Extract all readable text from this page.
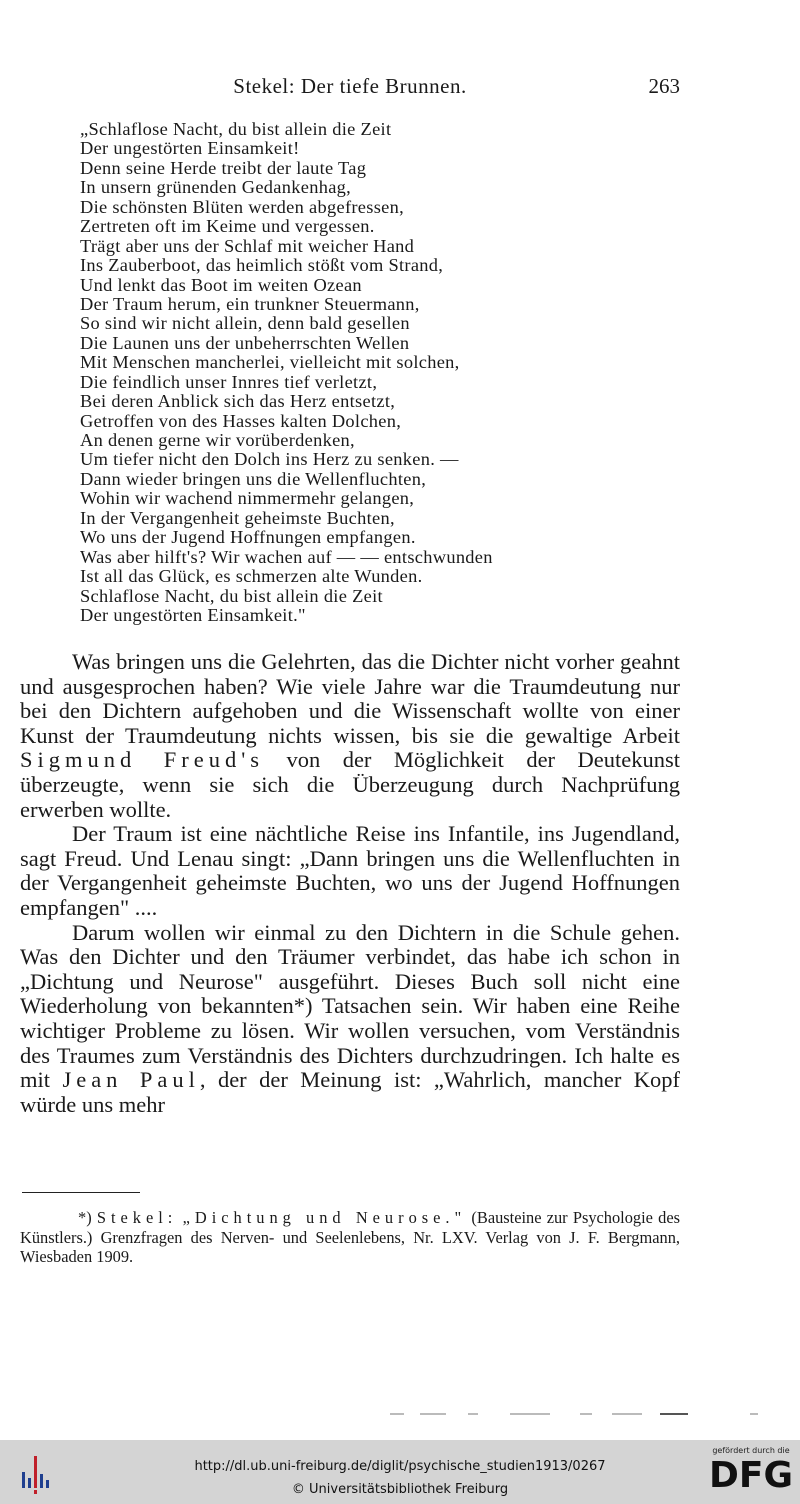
Stekel: Der tiefe Brunnen.	263
„Schlaflose Nacht, du bist allein die Zeit
Der ungestörten Einsamkeit!
Denn seine Herde treibt der laute Tag
In unsern grünenden Gedankenhag,
Die schönsten Blüten werden abgefressen,
Zertreten oft im Keime und vergessen.
Trägt aber uns der Schlaf mit weicher Hand
Ins Zauberboot, das heimlich stößt vom Strand,
Und lenkt das Boot im weiten Ozean
Der Traum herum, ein trunkner Steuermann,
So sind wir nicht allein, denn bald gesellen
Die Launen uns der unbeherrschten Wellen
Mit Menschen mancherlei, vielleicht mit solchen,
Die feindlich unser Innres tief verletzt,
Bei deren Anblick sich das Herz entsetzt,
Getroffen von des Hasses kalten Dolchen,
An denen gerne wir vorüberdenken,
Um tiefer nicht den Dolch ins Herz zu senken. —
Dann wieder bringen uns die Wellenfluchten,
Wohin wir wachend nimmermehr gelangen,
In der Vergangenheit geheimste Buchten,
Wo uns der Jugend Hoffnungen empfangen.
Was aber hilft's? Wir wachen auf — — entschwunden
Ist all das Glück, es schmerzen alte Wunden.
Schlaflose Nacht, du bist allein die Zeit
Der ungestörten Einsamkeit."

Was bringen uns die Gelehrten, das die Dichter nicht vorher geahnt und ausgesprochen haben? Wie viele Jahre war die Traumdeutung nur bei den Dichtern aufgehoben und die Wissenschaft wollte von einer Kunst der Traumdeutung nichts wissen, bis sie die gewaltige Arbeit Sigmund Freud's von der Möglichkeit der Deutekunst überzeugte, wenn sie sich die Überzeugung durch Nachprüfung erwerben wollte.

Der Traum ist eine nächtliche Reise ins Infantile, ins Jugendland, sagt Freud. Und Lenau singt: „Dann bringen uns die Wellenfluchten in der Vergangenheit geheimste Buchten, wo uns der Jugend Hoffnungen empfangen" ....

Darum wollen wir einmal zu den Dichtern in die Schule gehen. Was den Dichter und den Träumer verbindet, das habe ich schon in „Dichtung und Neurose" ausgeführt. Dieses Buch soll nicht eine Wiederholung von bekannten*) Tatsachen sein. Wir haben eine Reihe wichtiger Probleme zu lösen. Wir wollen versuchen, vom Verständnis des Traumes zum Verständnis des Dichters durchzudringen. Ich halte es mit Jean Paul, der der Meinung ist: „Wahrlich, mancher Kopf würde uns mehr

*) Stekel: „Dichtung und Neurose." (Bausteine zur Psychologie des Künstlers.) Grenzfragen des Nerven- und Seelenlebens, Nr. LXV. Verlag von J. F. Bergmann, Wiesbaden 1909.
http://dl.ub.uni-freiburg.de/diglit/psychische_studien1913/0267
© Universitätsbibliothek Freiburg
gefördert durch die
DFG
